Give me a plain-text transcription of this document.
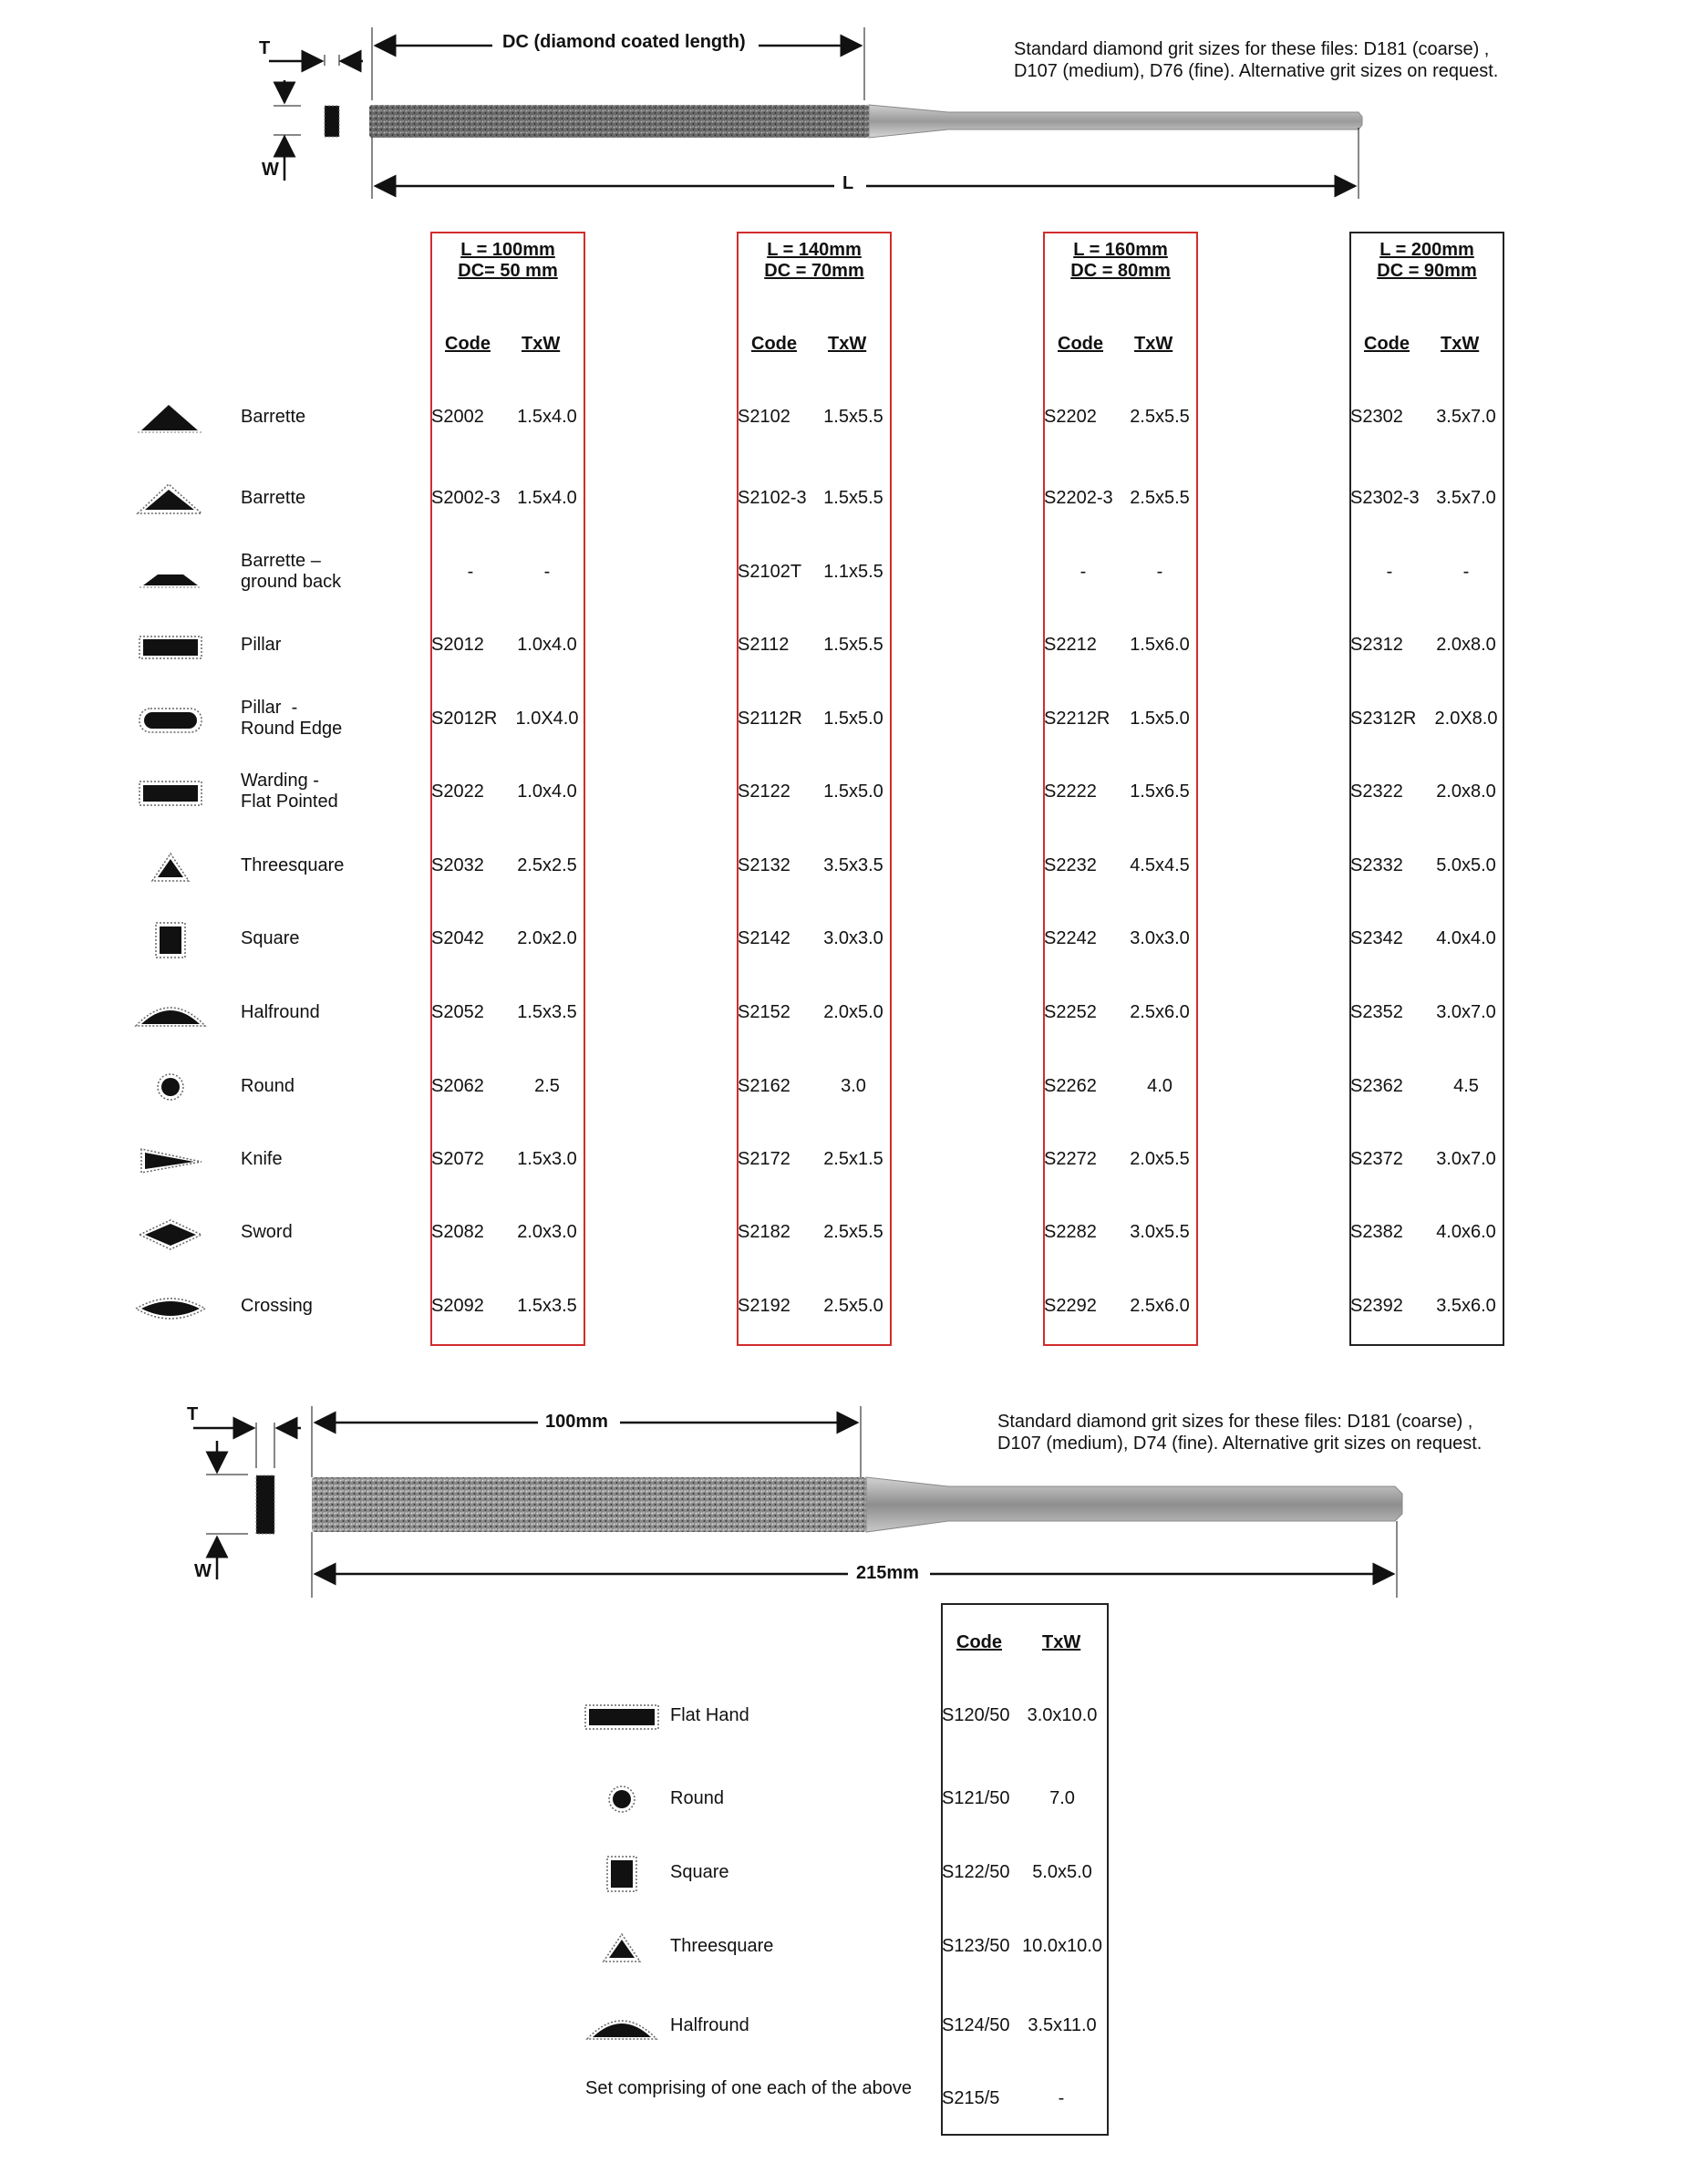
T
W
DC (diamond coated length)
L
Standard diamond grit sizes for these files: D181 (coarse) , D107 (medium), D76 (fine). Alternative grit sizes on request.
L = 100mm
DC= 50 mm
Code TxW
L = 140mm
DC = 70mm
Code TxW
L = 160mm
DC = 80mm
Code TxW
L = 200mm
DC = 90mm
Code TxW
Barrette	S2002	1.5x4.0	S2102	1.5x5.5	S2202	2.5x5.5	S2302	3.5x7.0
Barrette	S2002-3 1.5x4.0	S2102-3 1.5x5.5	S2202-3 2.5x5.5	S2302-3 3.5x7.0
Barrette –
ground back	-	-	S2102T	1.1x5.5	-	-	-	-
Pillar	S2012	1.0x4.0	S2112	1.5x5.5	S2212	1.5x6.0	S2312	2.0x8.0
Pillar  -
Round Edge	S2012R 1.0X4.0	S2112R	1.5x5.0	S2212R	1.5x5.0	S2312R 2.0X8.0
Warding -
Flat Pointed	S2022	1.0x4.0	S2122	1.5x5.0	S2222	1.5x6.5	S2322	2.0x8.0
Threesquare	S2032	2.5x2.5	S2132	3.5x3.5	S2232	4.5x4.5	S2332	5.0x5.0
Square	S2042	2.0x2.0	S2142	3.0x3.0	S2242	3.0x3.0	S2342	4.0x4.0
Halfround	S2052	1.5x3.5	S2152	2.0x5.0	S2252	2.5x6.0	S2352	3.0x7.0
Round	S2062	2.5	S2162	3.0	S2262	4.0	S2362	4.5
Knife	S2072	1.5x3.0	S2172	2.5x1.5	S2272	2.0x5.5	S2372	3.0x7.0
Sword	S2082	2.0x3.0	S2182	2.5x5.5	S2282	3.0x5.5	S2382	4.0x6.0
Crossing	S2092	1.5x3.5	S2192	2.5x5.0	S2292	2.5x6.0	S2392	3.5x6.0
T
W
100mm
215mm
Standard diamond grit sizes for these files: D181 (coarse) , D107 (medium), D74 (fine). Alternative grit sizes on request.
Code TxW
Flat Hand	S120/50 3.0x10.0
Round	S121/50	7.0
Square	S122/50	5.0x5.0
Threesquare	S123/50 10.0x10.0
Halfround	S124/50 3.5x11.0
Set comprising of one each of the above S215/5	-
